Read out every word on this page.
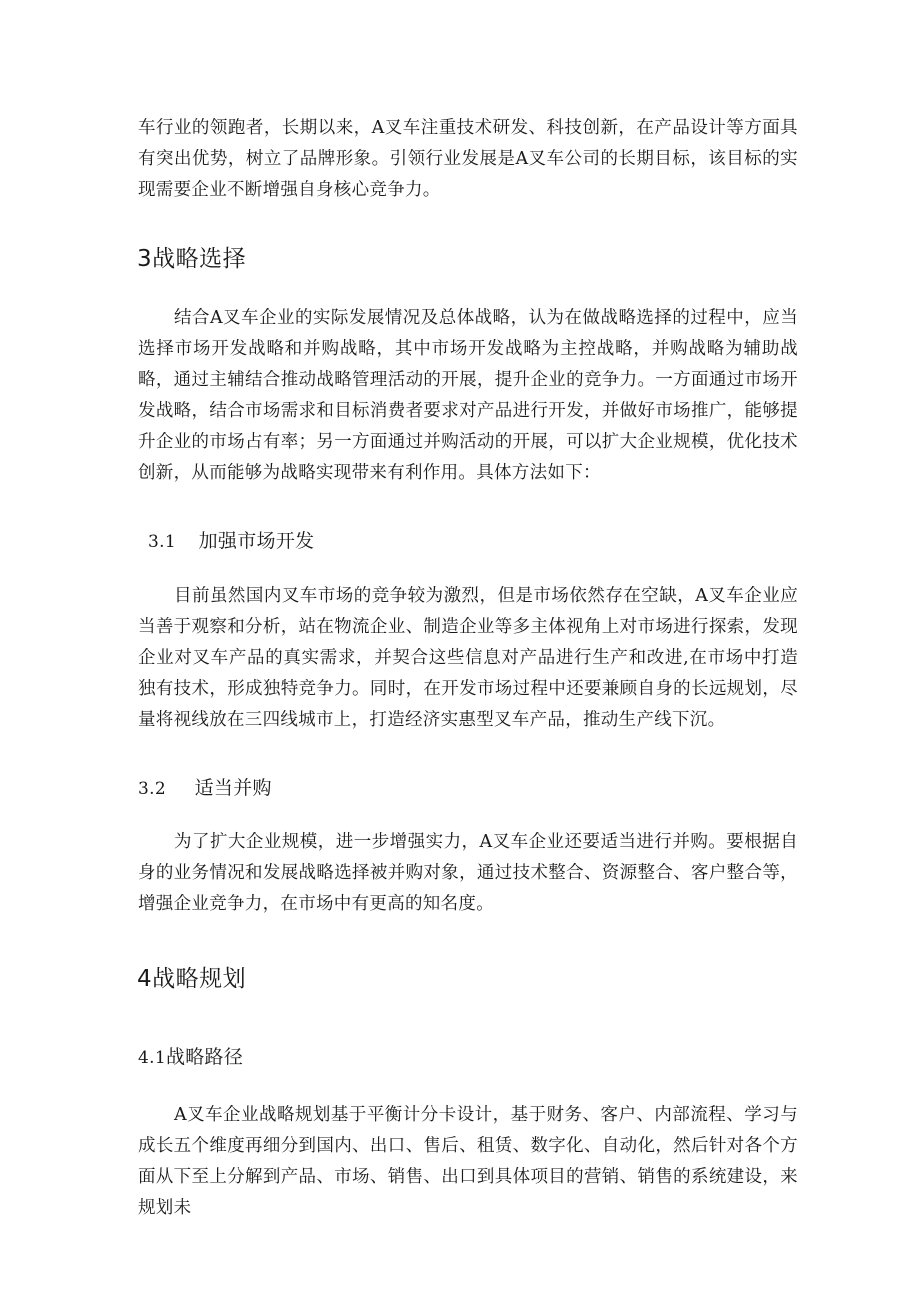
车行业的领跑者，长期以来，A叉车注重技术研发、科技创新，在产品设计等方面具有突出优势，树立了品牌形象。引领行业发展是A叉车公司的长期目标，该目标的实现需要企业不断增强自身核心竞争力。

3战略选择

结合A叉车企业的实际发展情况及总体战略，认为在做战略选择的过程中，应当选择市场开发战略和并购战略，其中市场开发战略为主控战略，并购战略为辅助战略，通过主辅结合推动战略管理活动的开展，提升企业的竞争力。一方面通过市场开发战略，结合市场需求和目标消费者要求对产品进行开发，并做好市场推广，能够提升企业的市场占有率；另一方面通过并购活动的开展，可以扩大企业规模，优化技术创新，从而能够为战略实现带来有利作用。具体方法如下：

3.1 加强市场开发

目前虽然国内叉车市场的竞争较为激烈，但是市场依然存在空缺，A叉车企业应当善于观察和分析，站在物流企业、制造企业等多主体视角上对市场进行探索，发现企业对叉车产品的真实需求，并契合这些信息对产品进行生产和改进,在市场中打造独有技术，形成独特竞争力。同时，在开发市场过程中还要兼顾自身的长远规划，尽量将视线放在三四线城市上，打造经济实惠型叉车产品，推动生产线下沉。

3.2 适当并购

为了扩大企业规模，进一步增强实力，A叉车企业还要适当进行并购。要根据自身的业务情况和发展战略选择被并购对象，通过技术整合、资源整合、客户整合等，增强企业竞争力，在市场中有更高的知名度。

4战略规划
4.1战略路径

A叉车企业战略规划基于平衡计分卡设计，基于财务、客户、内部流程、学习与成长五个维度再细分到国内、出口、售后、租赁、数字化、自动化，然后针对各个方面从下至上分解到产品、市场、销售、出口到具体项目的营销、销售的系统建设，来规划未
